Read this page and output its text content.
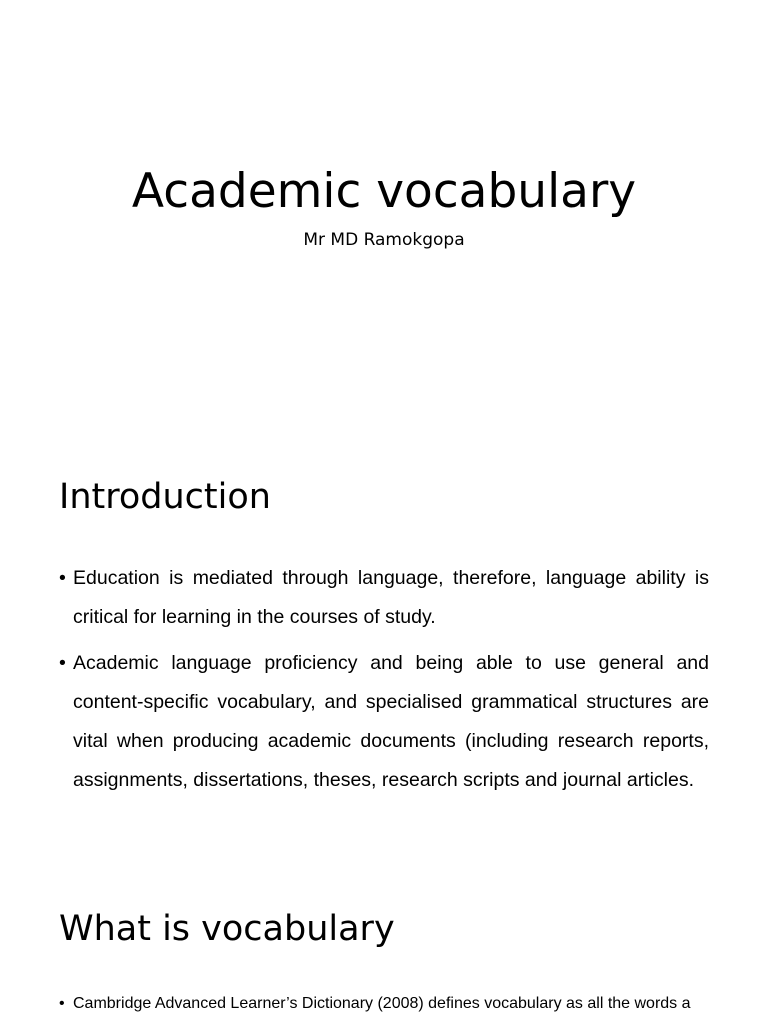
Academic vocabulary

Mr MD Ramokgopa

Introduction
• Education is mediated through language, therefore, language ability is critical for learning in the courses of study.
• Academic language proficiency and being able to use general and content-specific vocabulary, and specialised grammatical structures are vital when producing academic documents (including research reports, assignments, dissertations, theses, research scripts and journal articles.
What is vocabulary
• Cambridge Advanced Learner’s Dictionary (2008) defines vocabulary as all the words a
